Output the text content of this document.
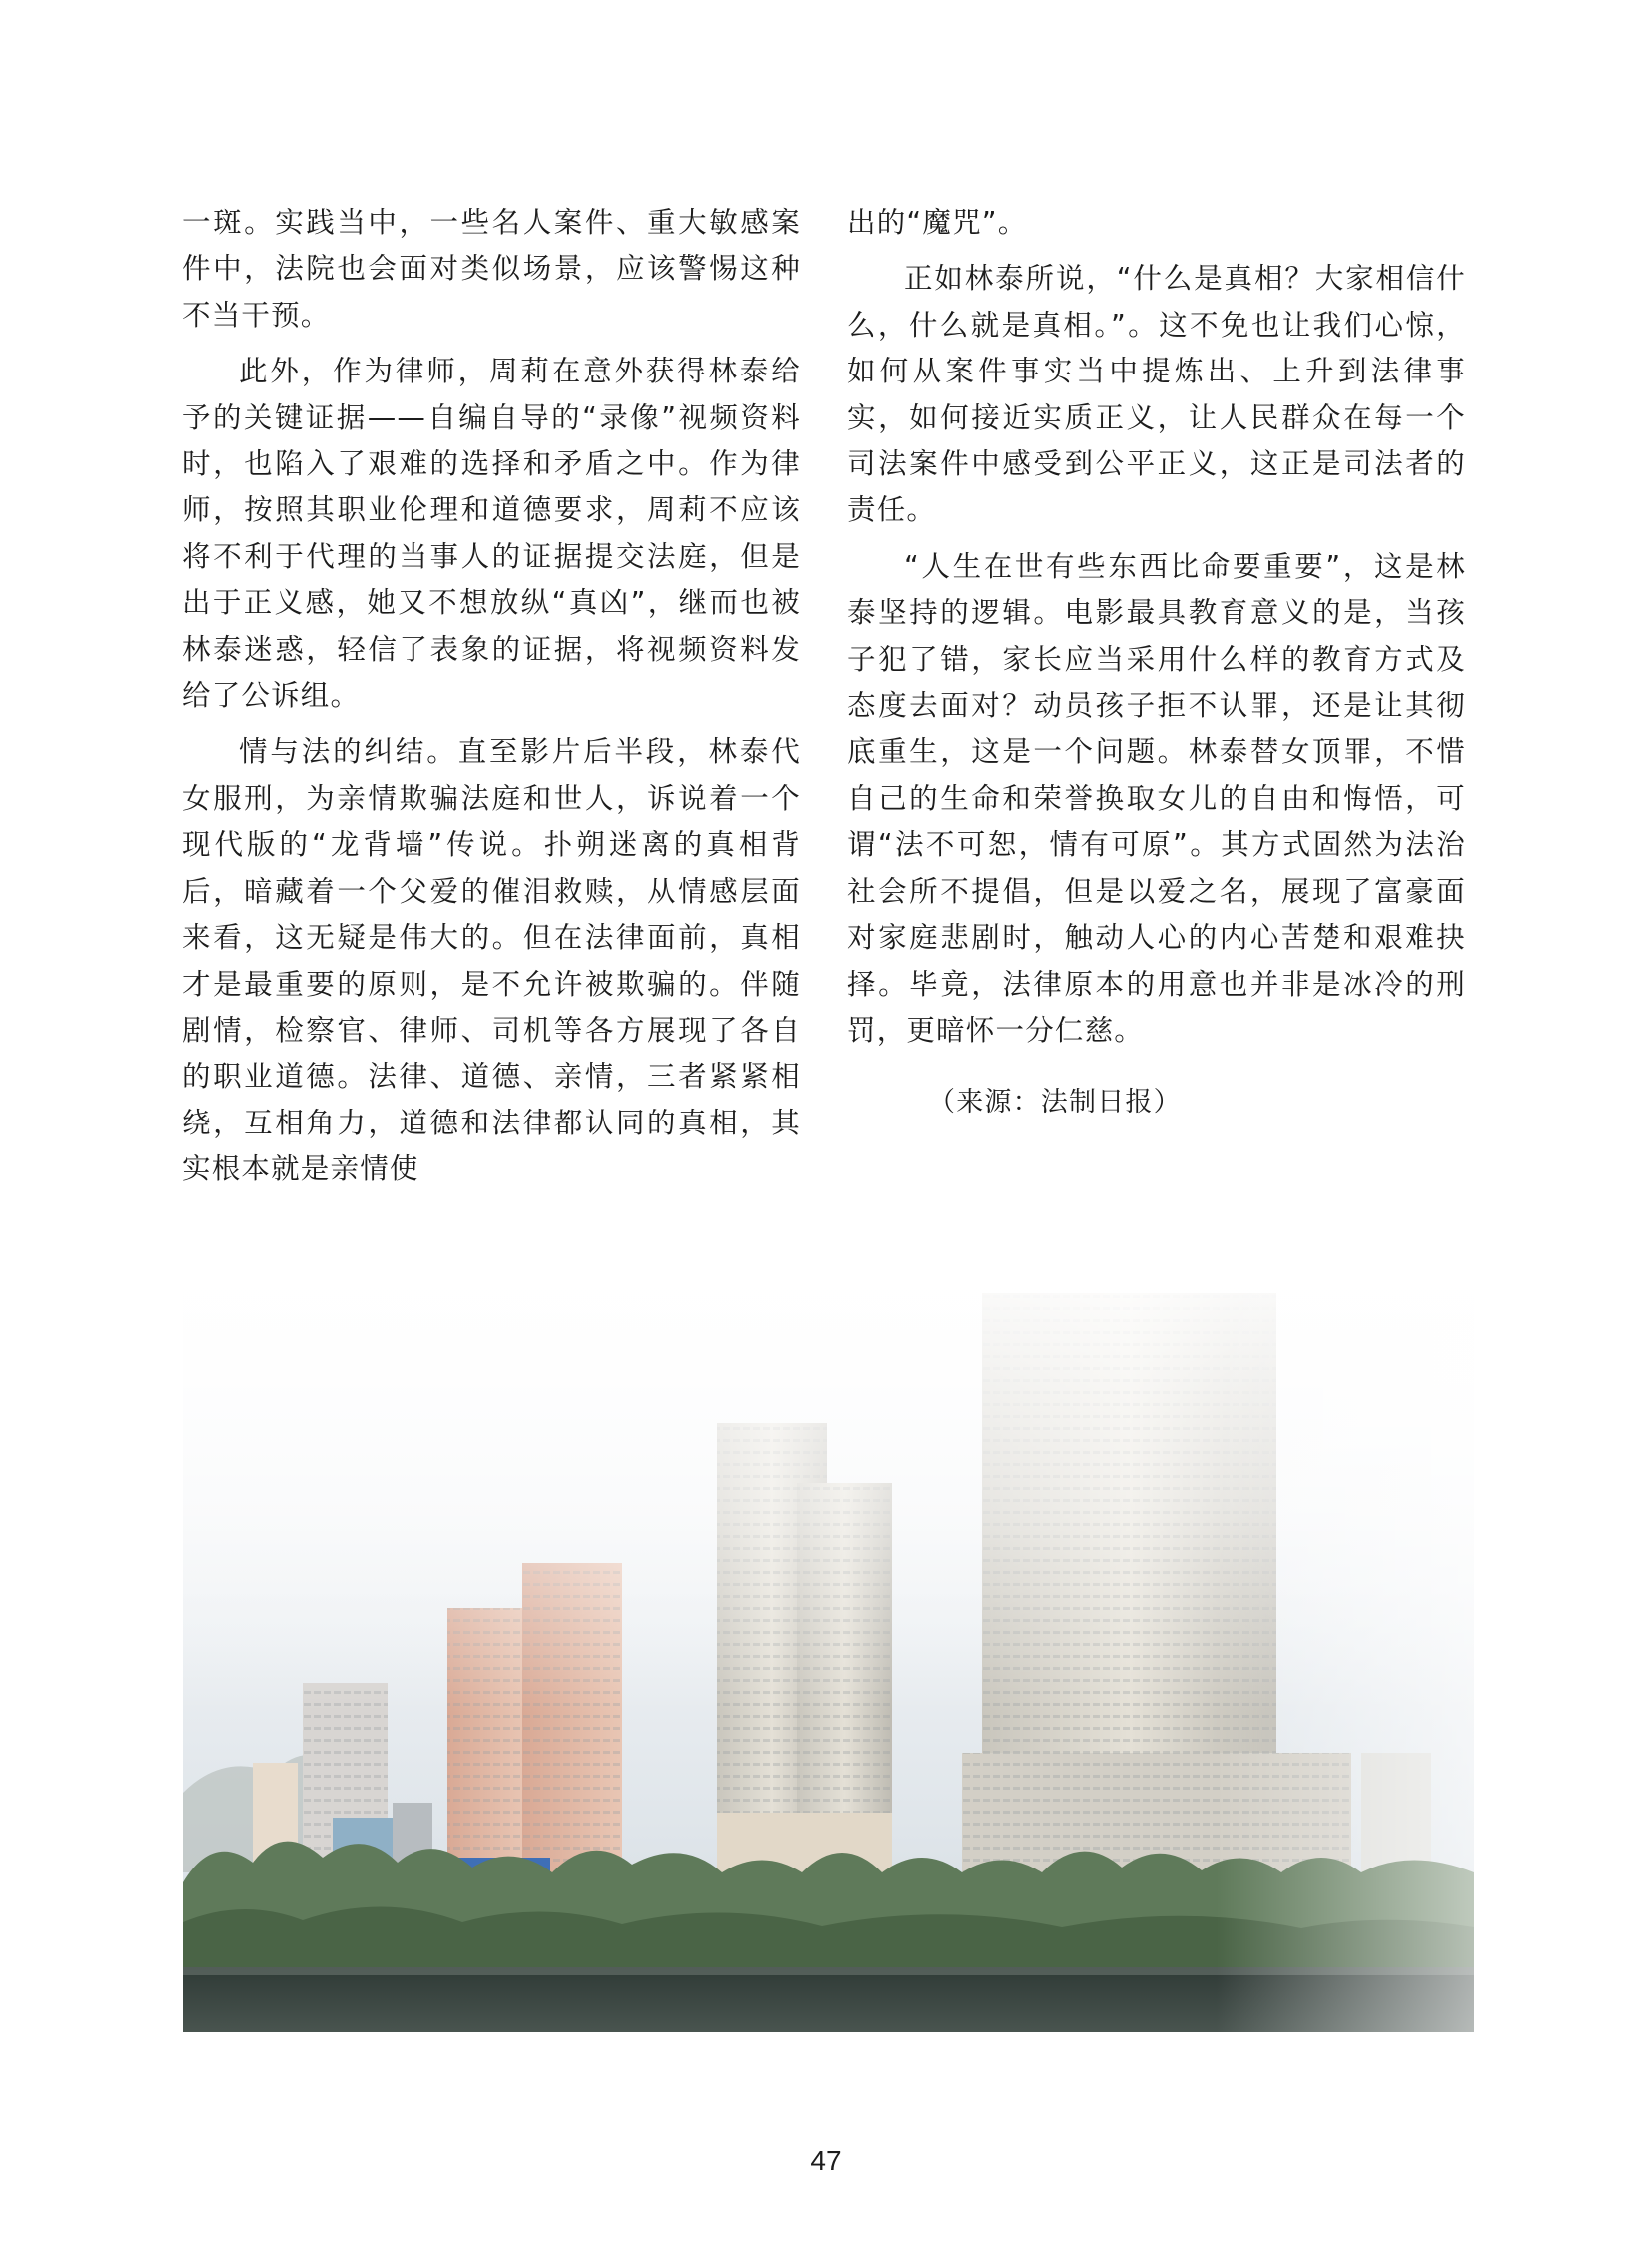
一斑。实践当中，一些名人案件、重大敏感案件中，法院也会面对类似场景，应该警惕这种不当干预。

此外，作为律师，周莉在意外获得林泰给予的关键证据——自编自导的“录像”视频资料时，也陷入了艰难的选择和矛盾之中。作为律师，按照其职业伦理和道德要求，周莉不应该将不利于代理的当事人的证据提交法庭，但是出于正义感，她又不想放纵“真凶”，继而也被林泰迷惑，轻信了表象的证据，将视频资料发给了公诉组。

情与法的纠结。直至影片后半段，林泰代女服刑，为亲情欺骗法庭和世人，诉说着一个现代版的“龙背墙”传说。扑朔迷离的真相背后，暗藏着一个父爱的催泪救赎，从情感层面来看，这无疑是伟大的。但在法律面前，真相才是最重要的原则，是不允许被欺骗的。伴随剧情，检察官、律师、司机等各方展现了各自的职业道德。法律、道德、亲情，三者紧紧相绕，互相角力，道德和法律都认同的真相，其实根本就是亲情使

出的“魔咒”。

正如林泰所说，“什么是真相？大家相信什么，什么就是真相。”。这不免也让我们心惊，如何从案件事实当中提炼出、上升到法律事实，如何接近实质正义，让人民群众在每一个司法案件中感受到公平正义，这正是司法者的责任。

“人生在世有些东西比命要重要”，这是林泰坚持的逻辑。电影最具教育意义的是，当孩子犯了错，家长应当采用什么样的教育方式及态度去面对？动员孩子拒不认罪，还是让其彻底重生，这是一个问题。林泰替女顶罪，不惜自己的生命和荣誉换取女儿的自由和悔悟，可谓“法不可恕，情有可原”。其方式固然为法治社会所不提倡，但是以爱之名，展现了富豪面对家庭悲剧时，触动人心的内心苦楚和艰难抉择。毕竟，法律原本的用意也并非是冰冷的刑罚，更暗怀一分仁慈。

（来源：法制日报）

47
